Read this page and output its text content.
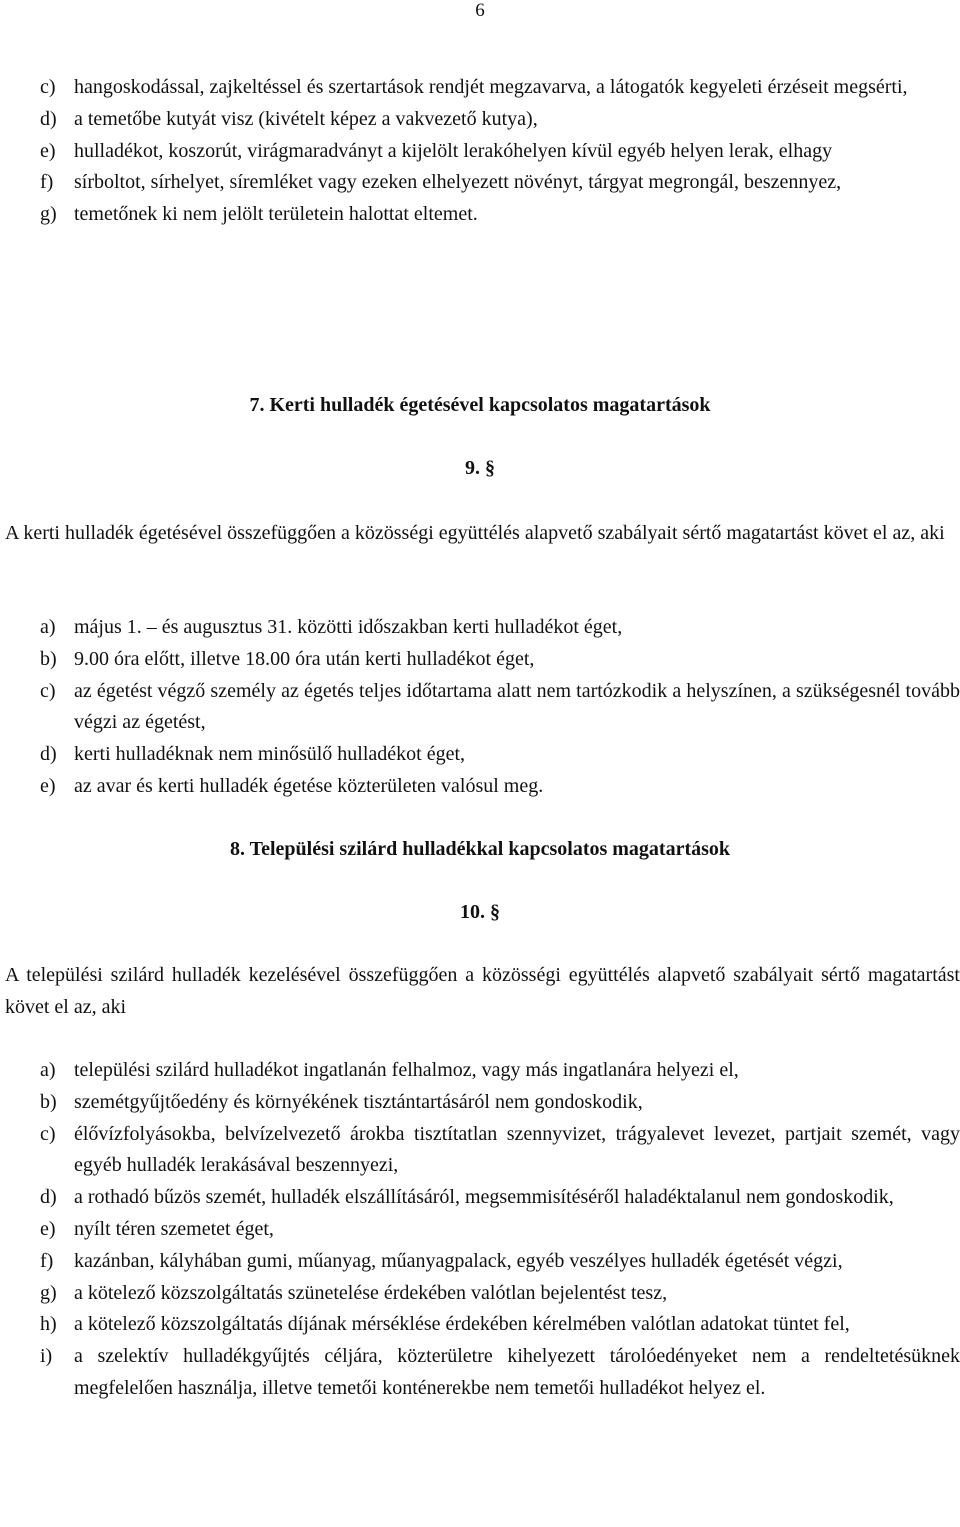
6
c) hangoskodással, zajkeltéssel és szertartások rendjét megzavarva, a látogatók kegyeleti érzéseit megsérti,
d) a temetőbe kutyát visz (kivételt képez a vakvezető kutya),
e) hulladékot, koszorút, virágmaradványt a kijelölt lerakóhelyen kívül egyéb helyen lerak, elhagy
f) sírboltot, sírhelyet, síremléket vagy ezeken elhelyezett növényt, tárgyat megrongál, beszennyez,
g) temetőnek ki nem jelölt területein halottat eltemet.
7. Kerti hulladék égetésével kapcsolatos magatartások
9. §
A kerti hulladék égetésével összefüggően a közösségi együttélés alapvető szabályait sértő magatartást követ el az, aki
a) május 1. – és augusztus 31. közötti időszakban kerti hulladékot éget,
b) 9.00 óra előtt, illetve 18.00 óra után kerti hulladékot éget,
c) az égetést végző személy az égetés teljes időtartama alatt nem tartózkodik a helyszínen, a szükségesnél tovább végzi az égetést,
d) kerti hulladéknak nem minősülő hulladékot éget,
e) az avar és kerti hulladék égetése közterületen valósul meg.
8. Települési szilárd hulladékkal kapcsolatos magatartások
10. §
A települési szilárd hulladék kezelésével összefüggően a közösségi együttélés alapvető szabályait sértő magatartást követ el az, aki
a) települési szilárd hulladékot ingatlanán felhalmoz, vagy más ingatlanára helyezi el,
b) szemétgyűjtőedény és környékének tisztántartásáról nem gondoskodik,
c) élővízfolyásokba, belvízelvezető árokba tisztítatlan szennyvizet, trágyalevet levezet, partjait szemét, vagy egyéb hulladék lerakásával beszennyezi,
d) a rothadó bűzös szemét, hulladék elszállításáról, megsemmisítéséről haladéktalanul nem gondoskodik,
e) nyílt téren szemetet éget,
f) kazánban, kályhában gumi, műanyag, műanyagpalack, egyéb veszélyes hulladék égetését végzi,
g) a kötelező közszolgáltatás szünetelése érdekében valótlan bejelentést tesz,
h) a kötelező közszolgáltatás díjának mérséklése érdekében kérelmében valótlan adatokat tüntet fel,
i) a szelektív hulladékgyűjtés céljára, közterületre kihelyezett tárolóedényeket nem a rendeltetésüknek megfelelően használja, illetve temetői konténerekbe nem temetői hulladékot helyez el.
